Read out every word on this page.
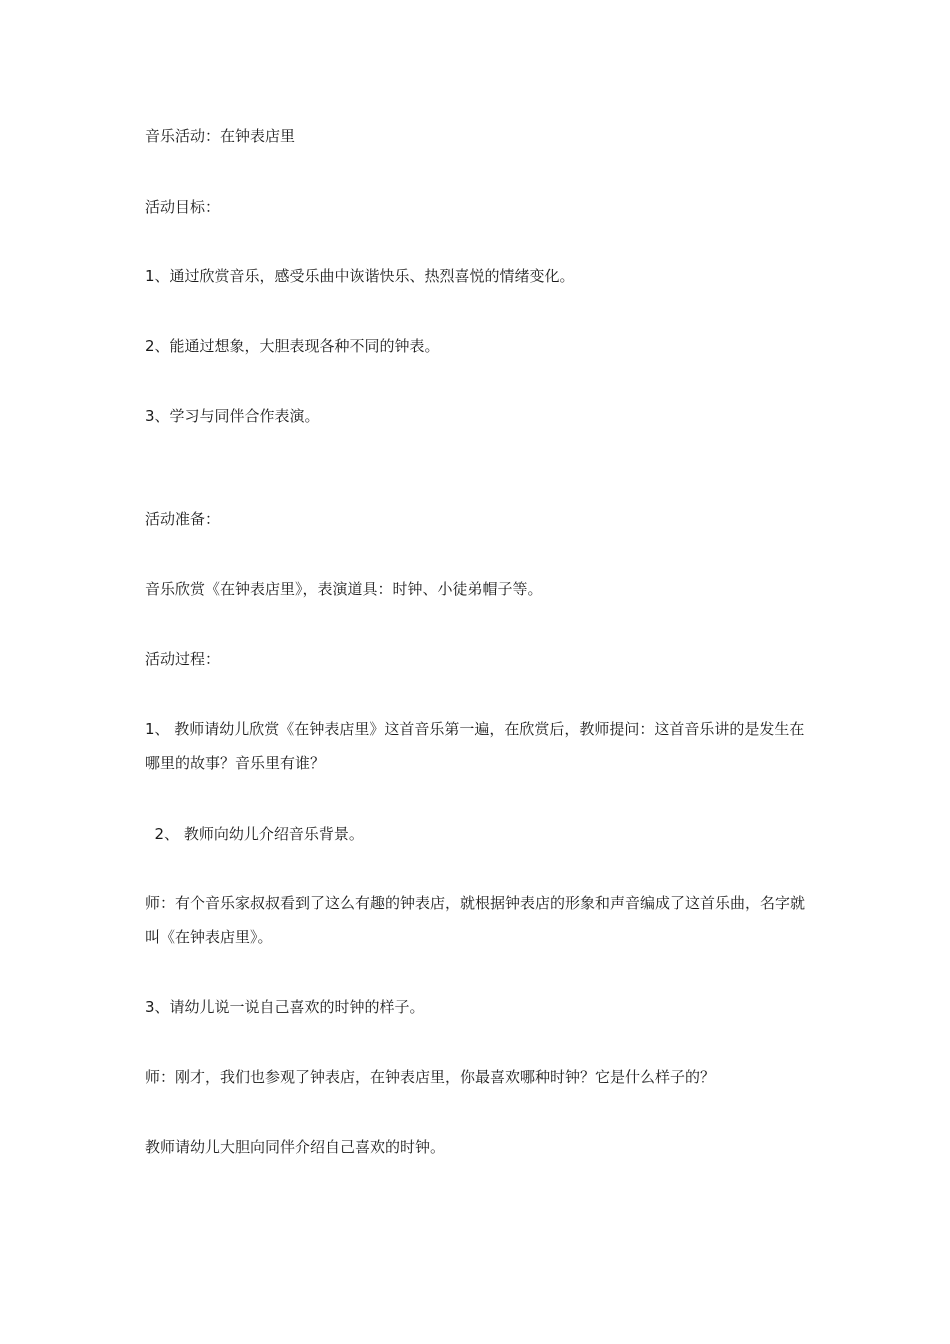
音乐活动：在钟表店里
活动目标：
1、通过欣赏音乐，感受乐曲中诙谐快乐、热烈喜悦的情绪变化。
2、能通过想象，大胆表现各种不同的钟表。
3、学习与同伴合作表演。
活动准备：
音乐欣赏《在钟表店里》，表演道具：时钟、小徒弟帽子等。
活动过程：
1、 教师请幼儿欣赏《在钟表店里》这首音乐第一遍，在欣赏后，教师提问：这首音乐讲的是发生在哪里的故事？音乐里有谁？
2、 教师向幼儿介绍音乐背景。
师：有个音乐家叔叔看到了这么有趣的钟表店，就根据钟表店的形象和声音编成了这首乐曲，名字就叫《在钟表店里》。
3、请幼儿说一说自己喜欢的时钟的样子。
师：刚才，我们也参观了钟表店，在钟表店里，你最喜欢哪种时钟？它是什么样子的？
教师请幼儿大胆向同伴介绍自己喜欢的时钟。
